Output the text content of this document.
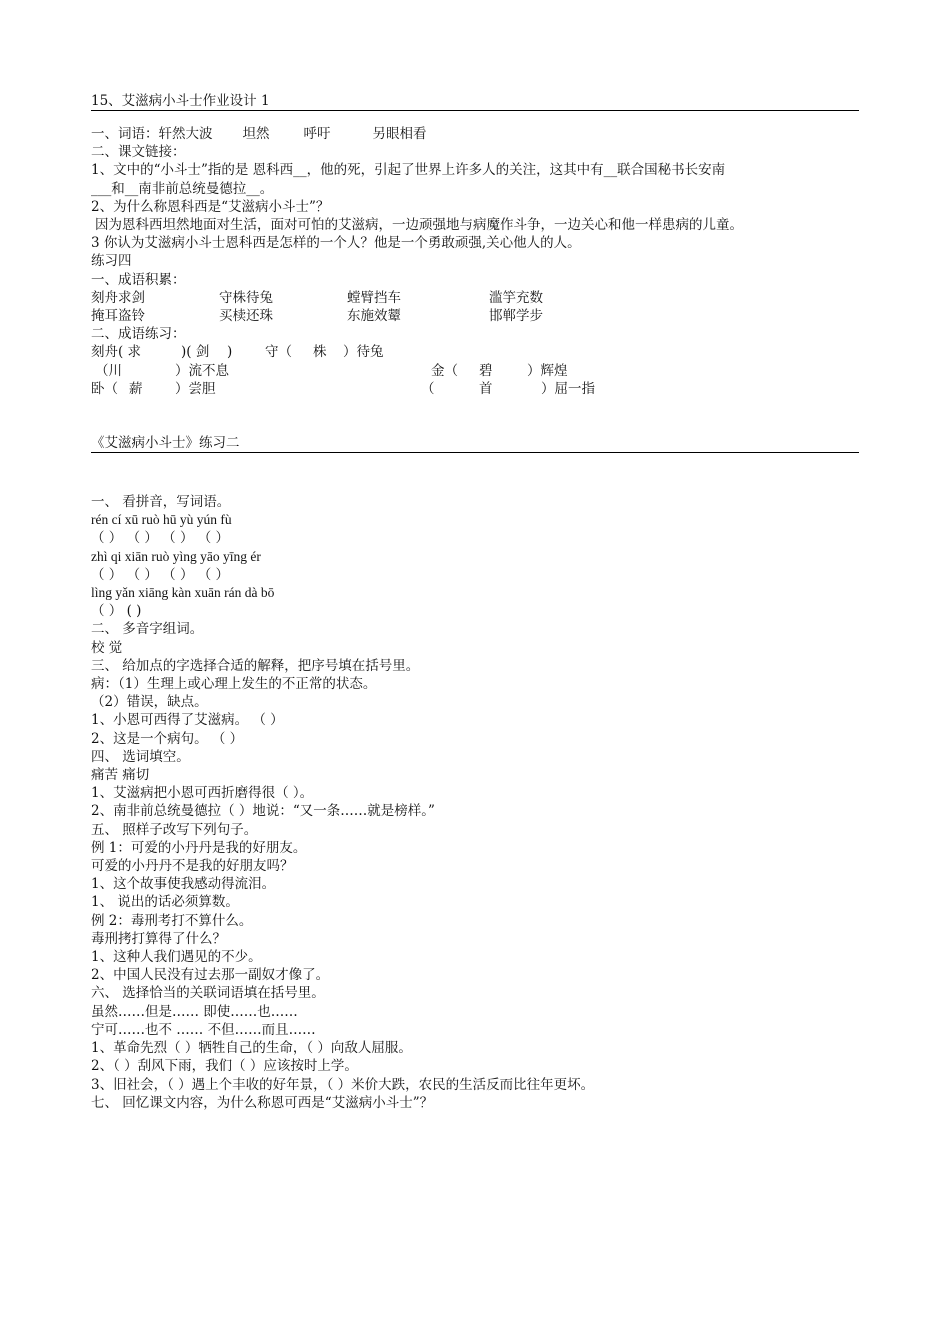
15、艾滋病小斗士作业设计 1
一、词语：轩然大波 坦然	呼吁	另眼相看
二、课文链接：
1、文中的“小斗士”指的是 恩科西__，他的死，引起了世界上许多人的关注，这其中有__联合国秘书长安南
___和__南非前总统曼德拉__。
2、为什么称恩科西是“艾滋病小斗士”？
因为恩科西坦然地面对生活，面对可怕的艾滋病，一边顽强地与病魔作斗争，一边关心和他一样患病的儿童。
3 你认为艾滋病小斗士恩科西是怎样的一个人？他是一个勇敢顽强,关心他人的人。
练习四
一、成语积累：
刻舟求剑	守株待兔	螳臂挡车	滥竽充数
掩耳盗铃	买椟还珠	东施效颦	邯郸学步
二、成语练习：
刻舟( 求	)( 剑 ) 守（ 株 ）待兔
（川	）流不息	金（ 碧	）辉煌
卧（ 薪 ）尝胆	（	首	）屈一指
《艾滋病小斗士》练习二
一、 看拼音，写词语。
rén cí xū ruò hū yù yún fù
（ ） （ ） （ ） （ ）
zhì qi xiān ruò yìng yāo yīng ér
（ ） （ ） （ ） （ ）
lìng yǎn xiāng kàn xuān rán dà bō
（ ） ( )
二、 多音字组词。
校 觉
三、 给加点的字选择合适的解释，把序号填在括号里。
病：（1）生理上或心理上发生的不正常的状态。
（2）错误，缺点。
1、小恩可西得了艾滋病。 （ ）
2、这是一个病句。 （ ）
四、 选词填空。
痛苦 痛切
1、艾滋病把小恩可西折磨得很（ ）。
2、南非前总统曼德拉（ ）地说：“又一条……就是榜样。”
五、 照样子改写下列句子。
例 1：可爱的小丹丹是我的好朋友。
可爱的小丹丹不是我的好朋友吗？
1、这个故事使我感动得流泪。
1、 说出的话必须算数。
例 2：毒刑考打不算什么。
毒刑拷打算得了什么？
1、这种人我们遇见的不少。
2、中国人民没有过去那一副奴才像了。
六、 选择恰当的关联词语填在括号里。
虽然……但是…… 即使……也……
宁可……也不 …… 不但……而且……
1、革命先烈（ ）牺牲自己的生命，（ ）向敌人屈服。
2、（ ）刮风下雨，我们（ ）应该按时上学。
3、旧社会，（ ）遇上个丰收的好年景，（ ）米价大跌，农民的生活反而比往年更坏。
七、 回忆课文内容，为什么称恩可西是“艾滋病小斗士”？
